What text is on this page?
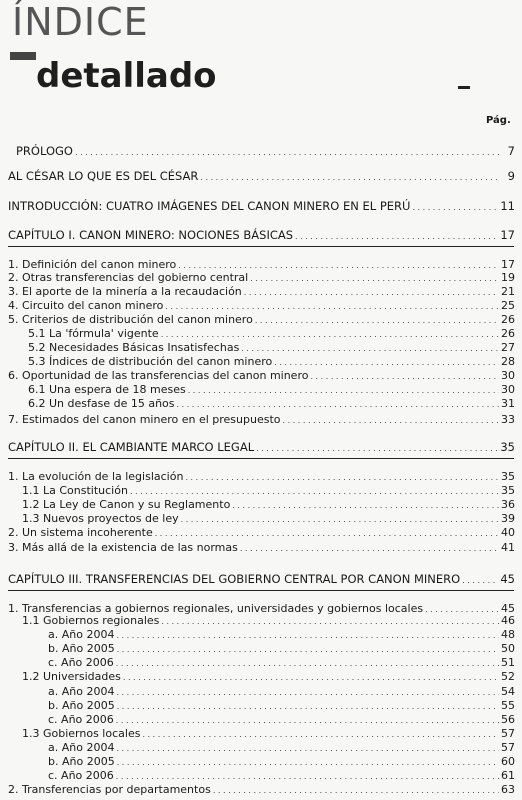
ÍNDICE
detallado
Pág.
PRÓLOGO . . .	7
AL CÉSAR LO QUE ES DEL CÉSAR . . .	9
INTRODUCCIÓN: CUATRO IMÁGENES DEL CANON MINERO EN EL PERÚ . . .	11
CAPÍTULO I. CANON MINERO: NOCIONES BÁSICAS . . .	17
1. Definición del canon minero . . .	17
2. Otras transferencias del gobierno central . . .	19
3. El aporte de la minería a la recaudación . . .	21
4. Circuito del canon minero . . .	25
5. Criterios de distribución del canon minero . . .	26
5.1 La 'fórmula' vigente . . .	26
5.2 Necesidades Básicas Insatisfechas . . .	27
5.3 Índices de distribución del canon minero . . .	28
6. Oportunidad de las transferencias del canon minero . . .	30
6.1 Una espera de 18 meses . . .	30
6.2 Un desfase de 15 años . . .	31
7. Estimados del canon minero en el presupuesto . . .	33
CAPÍTULO II. EL CAMBIANTE MARCO LEGAL . . .	35
1. La evolución de la legislación . . .	35
1.1 La Constitución . . .	35
1.2 La Ley de Canon y su Reglamento . . .	36
1.3 Nuevos proyectos de ley . . .	39
2. Un sistema incoherente . . .	40
3. Más allá de la existencia de las normas . . .	41
CAPÍTULO III. TRANSFERENCIAS DEL GOBIERNO CENTRAL POR CANON MINERO . . .	45
1. Transferencias a gobiernos regionales, universidades y gobiernos locales . . .	45
1.1 Gobiernos regionales . . .	46
a. Año 2004 . . .	48
b. Año 2005 . . .	50
c. Año 2006 . . .	51
1.2 Universidades . . .	52
a. Año 2004 . . .	54
b. Año 2005 . . .	55
c. Año 2006 . . .	56
1.3 Gobiernos locales . . .	57
a. Año 2004 . . .	57
b. Año 2005 . . .	60
c. Año 2006 . . .	61
2. Transferencias por departamentos . . .	63
